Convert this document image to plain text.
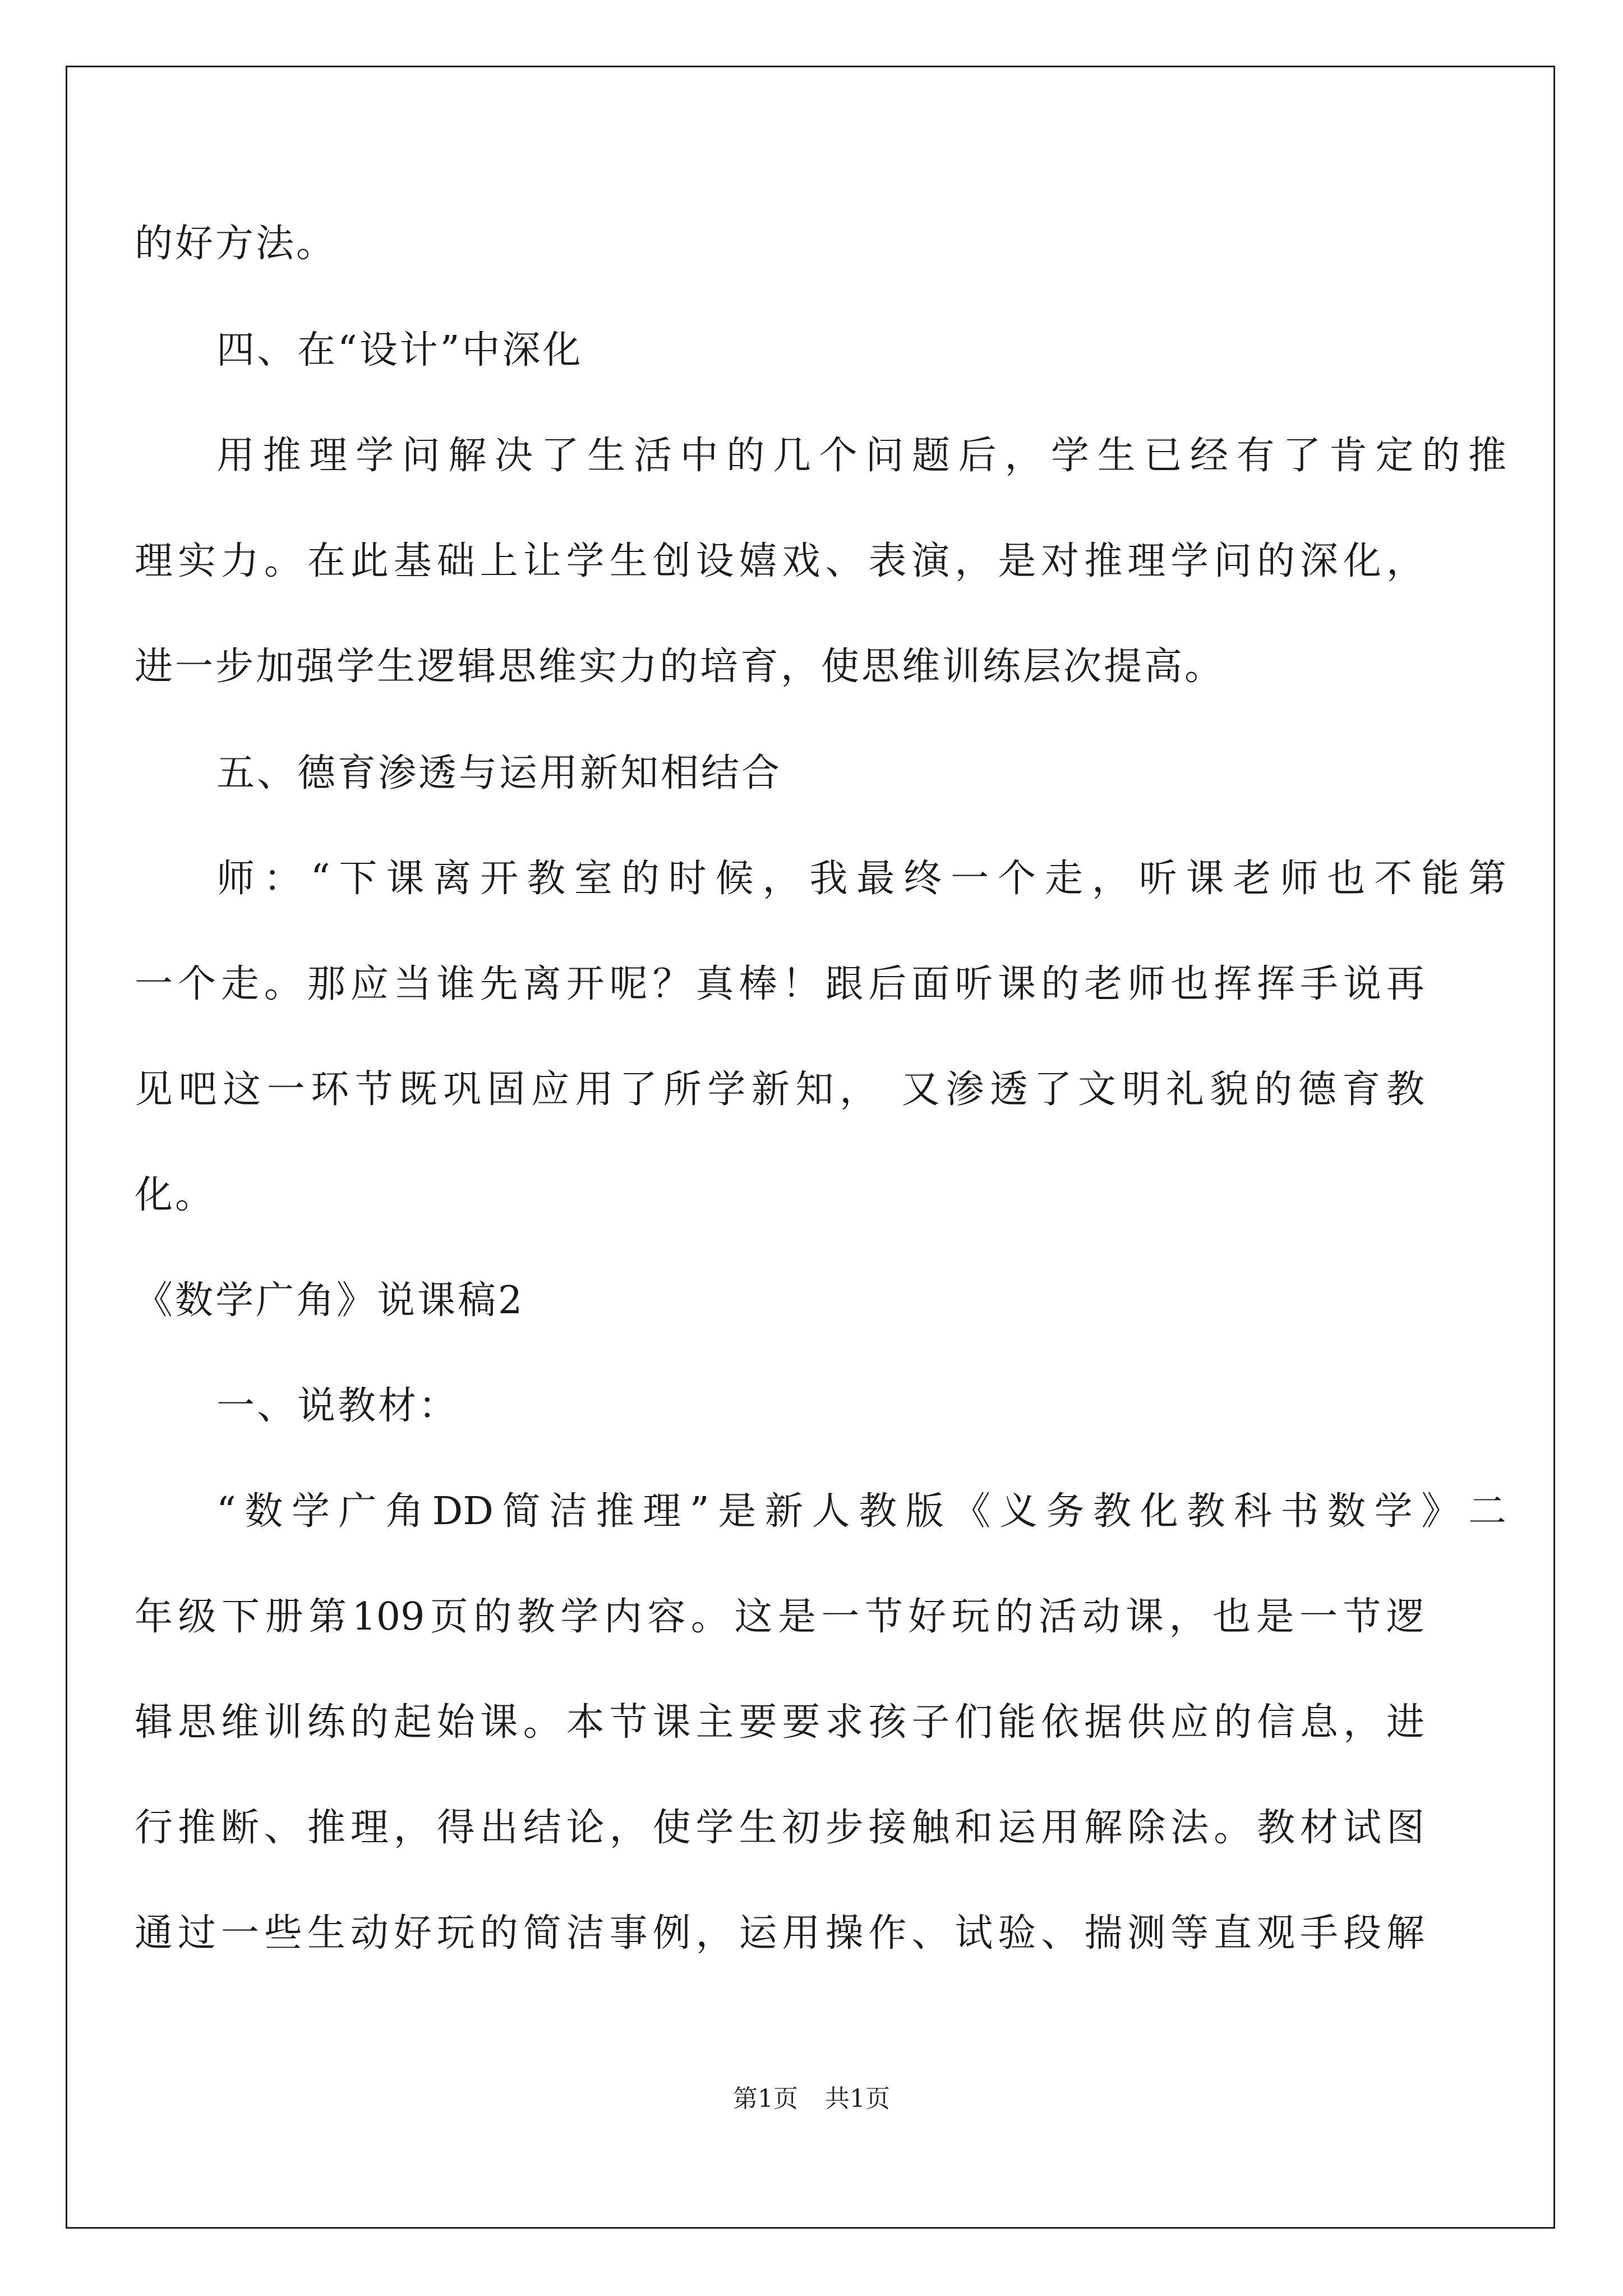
的好方法。
四、在“设计”中深化
用推理学问解决了生活中的几个问题后，学生已经有了肯定的推
理实力。在此基础上让学生创设嬉戏、表演，是对推理学问的深化，
进一步加强学生逻辑思维实力的培育，使思维训练层次提高。
五、德育渗透与运用新知相结合
师：“下课离开教室的时候，我最终一个走，听课老师也不能第
一个走。那应当谁先离开呢？真棒！跟后面听课的老师也挥挥手说再
见吧这一环节既巩固应用了所学新知， 又渗透了文明礼貌的德育教
化。
《数学广角》说课稿2
一、说教材：
“数学广角DD简洁推理”是新人教版《义务教化教科书数学》二
年级下册第109页的教学内容。这是一节好玩的活动课，也是一节逻
辑思维训练的起始课。本节课主要要求孩子们能依据供应的信息，进
行推断、推理，得出结论，使学生初步接触和运用解除法。教材试图
通过一些生动好玩的简洁事例，运用操作、试验、揣测等直观手段解
第1页 共1页
